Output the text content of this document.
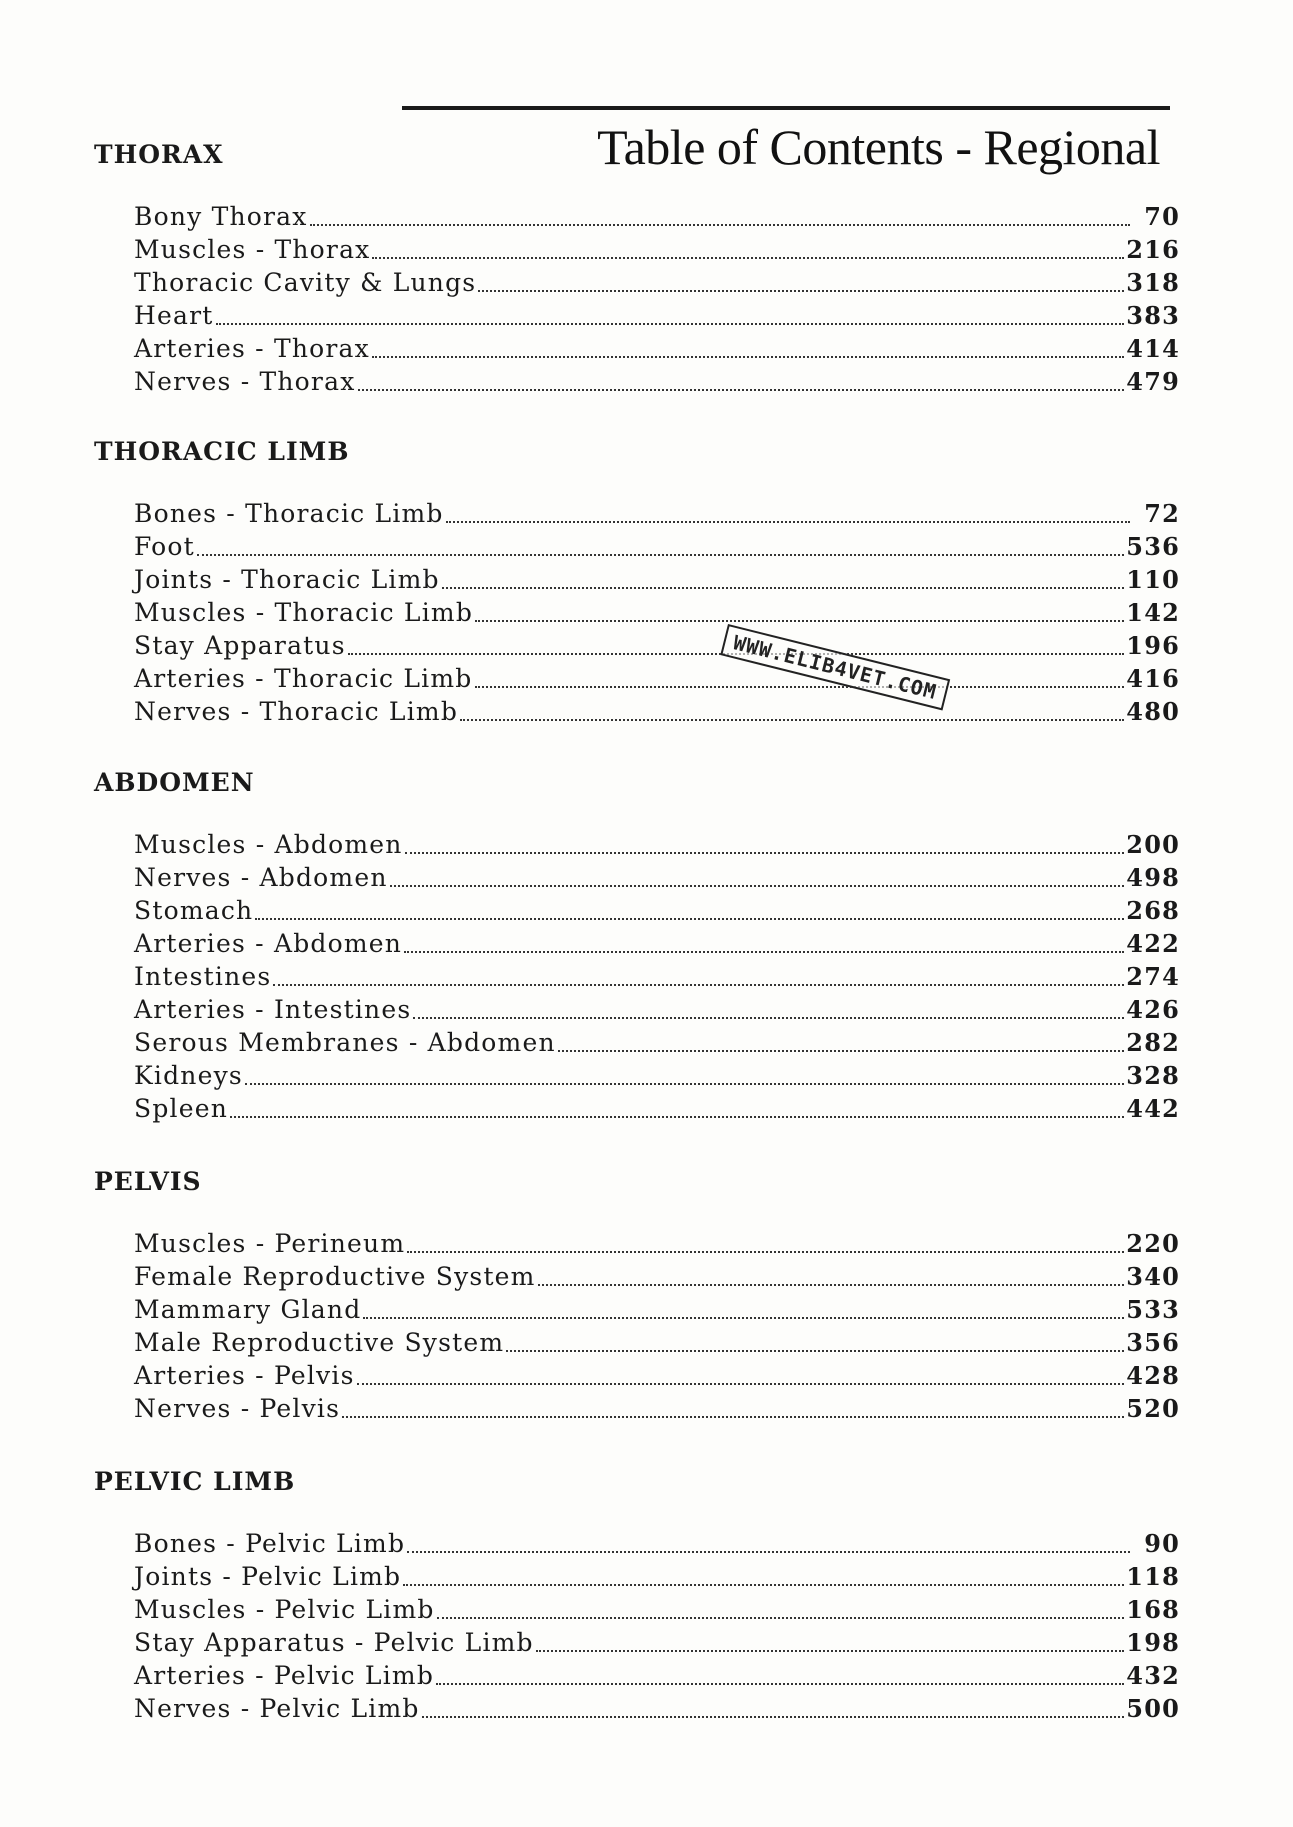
Table of Contents - Regional
THORAX
Bony Thorax	70
Muscles - Thorax	216
Thoracic Cavity & Lungs	318
Heart	383
Arteries - Thorax	414
Nerves - Thorax	479
THORACIC LIMB
Bones - Thoracic Limb	72
Foot	536
Joints - Thoracic Limb	110
Muscles - Thoracic Limb	142
Stay Apparatus	196
Arteries - Thoracic Limb	416
Nerves - Thoracic Limb	480
ABDOMEN
Muscles - Abdomen	200
Nerves - Abdomen	498
Stomach	268
Arteries - Abdomen	422
Intestines	274
Arteries - Intestines	426
Serous Membranes - Abdomen	282
Kidneys	328
Spleen	442
PELVIS
Muscles - Perineum	220
Female Reproductive System	340
Mammary Gland	533
Male Reproductive System	356
Arteries - Pelvis	428
Nerves - Pelvis	520
PELVIC LIMB
Bones - Pelvic Limb	90
Joints - Pelvic Limb	118
Muscles - Pelvic Limb	168
Stay Apparatus - Pelvic Limb	198
Arteries - Pelvic Limb	432
Nerves - Pelvic Limb	500
WWW.ELIB4VET.COM
